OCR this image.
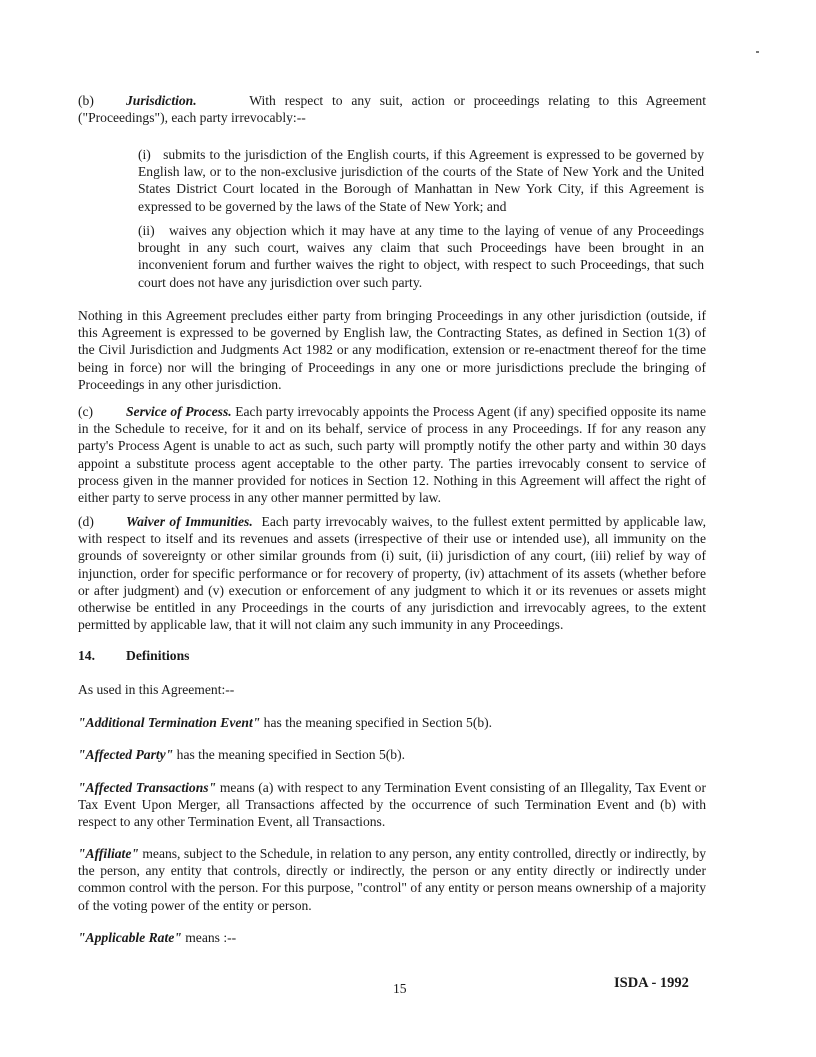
(b) Jurisdiction.	With respect to any suit, action or proceedings relating to this Agreement ("Proceedings"), each party irrevocably:--

(i) submits to the jurisdiction of the English courts, if this Agreement is expressed to be governed by English law, or to the non-exclusive jurisdiction of the courts of the State of New York and the United States District Court located in the Borough of Manhattan in New York City, if this Agreement is expressed to be governed by the laws of the State of New York; and

(ii) waives any objection which it may have at any time to the laying of venue of any Proceedings brought in any such court, waives any claim that such Proceedings have been brought in an inconvenient forum and further waives the right to object, with respect to such Proceedings, that such court does not have any jurisdiction over such party.

Nothing in this Agreement precludes either party from bringing Proceedings in any other jurisdiction (outside, if this Agreement is expressed to be governed by English law, the Contracting States, as defined in Section 1(3) of the Civil Jurisdiction and Judgments Act 1982 or any modification, extension or re-enactment thereof for the time being in force) nor will the bringing of Proceedings in any one or more jurisdictions preclude the bringing of Proceedings in any other jurisdiction.

(c) Service of Process. Each party irrevocably appoints the Process Agent (if any) specified opposite its name in the Schedule to receive, for it and on its behalf, service of process in any Proceedings. If for any reason any party's Process Agent is unable to act as such, such party will promptly notify the other party and within 30 days appoint a substitute process agent acceptable to the other party. The parties irrevocably consent to service of process given in the manner provided for notices in Section 12. Nothing in this Agreement will affect the right of either party to serve process in any other manner permitted by law.

(d) Waiver of Immunities. Each party irrevocably waives, to the fullest extent permitted by applicable law, with respect to itself and its revenues and assets (irrespective of their use or intended use), all immunity on the grounds of sovereignty or other similar grounds from (i) suit, (ii) jurisdiction of any court, (iii) relief by way of injunction, order for specific performance or for recovery of property, (iv) attachment of its assets (whether before or after judgment) and (v) execution or enforcement of any judgment to which it or its revenues or assets might otherwise be entitled in any Proceedings in the courts of any jurisdiction and irrevocably agrees, to the extent permitted by applicable law, that it will not claim any such immunity in any Proceedings.

14. Definitions

As used in this Agreement:--

"Additional Termination Event" has the meaning specified in Section 5(b).

"Affected Party" has the meaning specified in Section 5(b).

"Affected Transactions" means (a) with respect to any Termination Event consisting of an Illegality, Tax Event or Tax Event Upon Merger, all Transactions affected by the occurrence of such Termination Event and (b) with respect to any other Termination Event, all Transactions.

"Affiliate" means, subject to the Schedule, in relation to any person, any entity controlled, directly or indirectly, by the person, any entity that controls, directly or indirectly, the person or any entity directly or indirectly under common control with the person. For this purpose, "control" of any entity or person means ownership of a majority of the voting power of the entity or person.

"Applicable Rate" means :--

15	ISDA - 1992
